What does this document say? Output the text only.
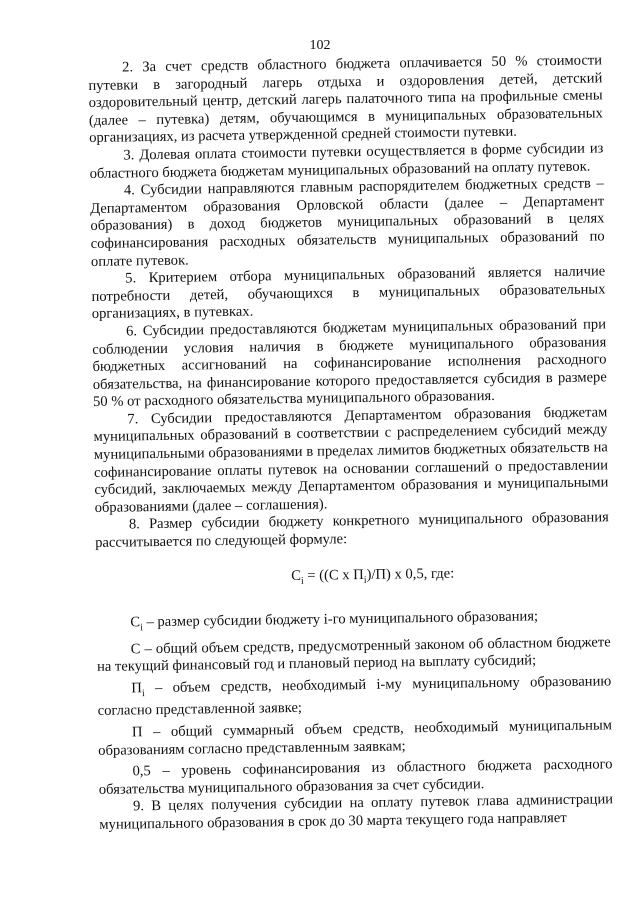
102

2. За счет средств областного бюджета оплачивается 50 % стоимости путевки в загородный лагерь отдыха и оздоровления детей, детский оздоровительный центр, детский лагерь палаточного типа на профильные смены (далее – путевка) детям, обучающимся в муниципальных образовательных организациях, из расчета утвержденной средней стоимости путевки.

3. Долевая оплата стоимости путевки осуществляется в форме субсидии из областного бюджета бюджетам муниципальных образований на оплату путевок.

4. Субсидии направляются главным распорядителем бюджетных средств – Департаментом образования Орловской области (далее – Департамент образования) в доход бюджетов муниципальных образований в целях софинансирования расходных обязательств муниципальных образований по оплате путевок.

5. Критерием отбора муниципальных образований является наличие потребности детей, обучающихся в муниципальных образовательных организациях, в путевках.

6. Субсидии предоставляются бюджетам муниципальных образований при соблюдении условия наличия в бюджете муниципального образования бюджетных ассигнований на софинансирование исполнения расходного обязательства, на финансирование которого предоставляется субсидия в размере 50 % от расходного обязательства муниципального образования.

7. Субсидии предоставляются Департаментом образования бюджетам муниципальных образований в соответствии с распределением субсидий между муниципальными образованиями в пределах лимитов бюджетных обязательств на софинансирование оплаты путевок на основании соглашений о предоставлении субсидий, заключаемых между Департаментом образования и муниципальными образованиями (далее – соглашения).

8. Размер субсидии бюджету конкретного муниципального образования рассчитывается по следующей формуле:

$C_i = ((C$ x $П_i)/П$) x 0,5, где:

$C_i$ – размер субсидии бюджету i-го муниципального образования;

С – общий объем средств, предусмотренный законом об областном бюджете на текущий финансовый год и плановый период на выплату субсидий;

$П_i$ – объем средств, необходимый i-му муниципальному образованию согласно представленной заявке;

П – общий суммарный объем средств, необходимый муниципальным образованиям согласно представленным заявкам;

0,5 – уровень софинансирования из областного бюджета расходного обязательства муниципального образования за счет субсидии.

9. В целях получения субсидии на оплату путевок глава администрации муниципального образования в срок до 30 марта текущего года направляет
